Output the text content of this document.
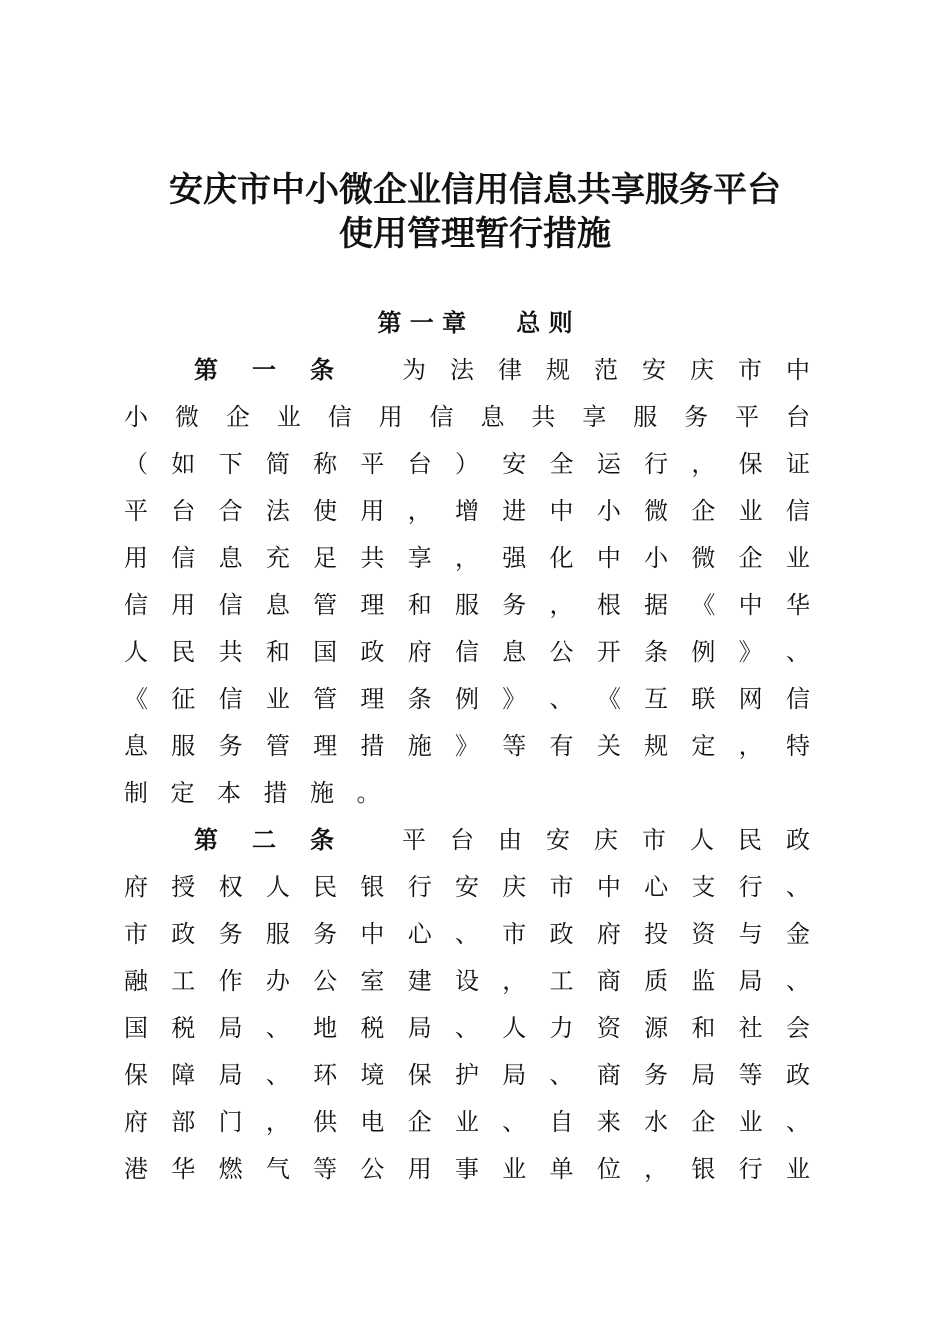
安庆市中小微企业信用信息共享服务平台
使用管理暂行措施
第 一 章      总 则
第 一 条	为 法 律 规 范 安 庆 市 中
小 微 企 业 信 用 信 息 共 享 服 务 平 台
（ 如 下 简 称 平 台 ） 安 全 运 行 ， 保 证
平 台 合 法 使 用 ， 增 进 中 小 微 企 业 信
用 信 息 充 足 共 享 ， 强 化 中 小 微 企 业
信 用 信 息 管 理 和 服 务 ， 根 据 《 中 华
人 民 共 和 国 政 府 信 息 公 开 条 例 》 、
《 征 信 业 管 理 条 例 》 、 《 互 联 网 信
息 服 务 管 理 措 施 》 等 有 关 规 定 ， 特
制 定 本 措 施 。
第 二 条	平 台 由 安 庆 市 人 民 政
府 授 权 人 民 银 行 安 庆 市 中 心 支 行 、
市 政 务 服 务 中 心 、 市 政 府 投 资 与 金
融 工 作 办 公 室 建 设 ， 工 商 质 监 局 、
国 税 局 、 地 税 局 、 人 力 资 源 和 社 会
保 障 局 、 环 境 保 护 局 、 商 务 局 等 政
府 部 门 ， 供 电 企 业 、 自 来 水 企 业 、
港 华 燃 气 等 公 用 事 业 单 位 ， 银 行 业
